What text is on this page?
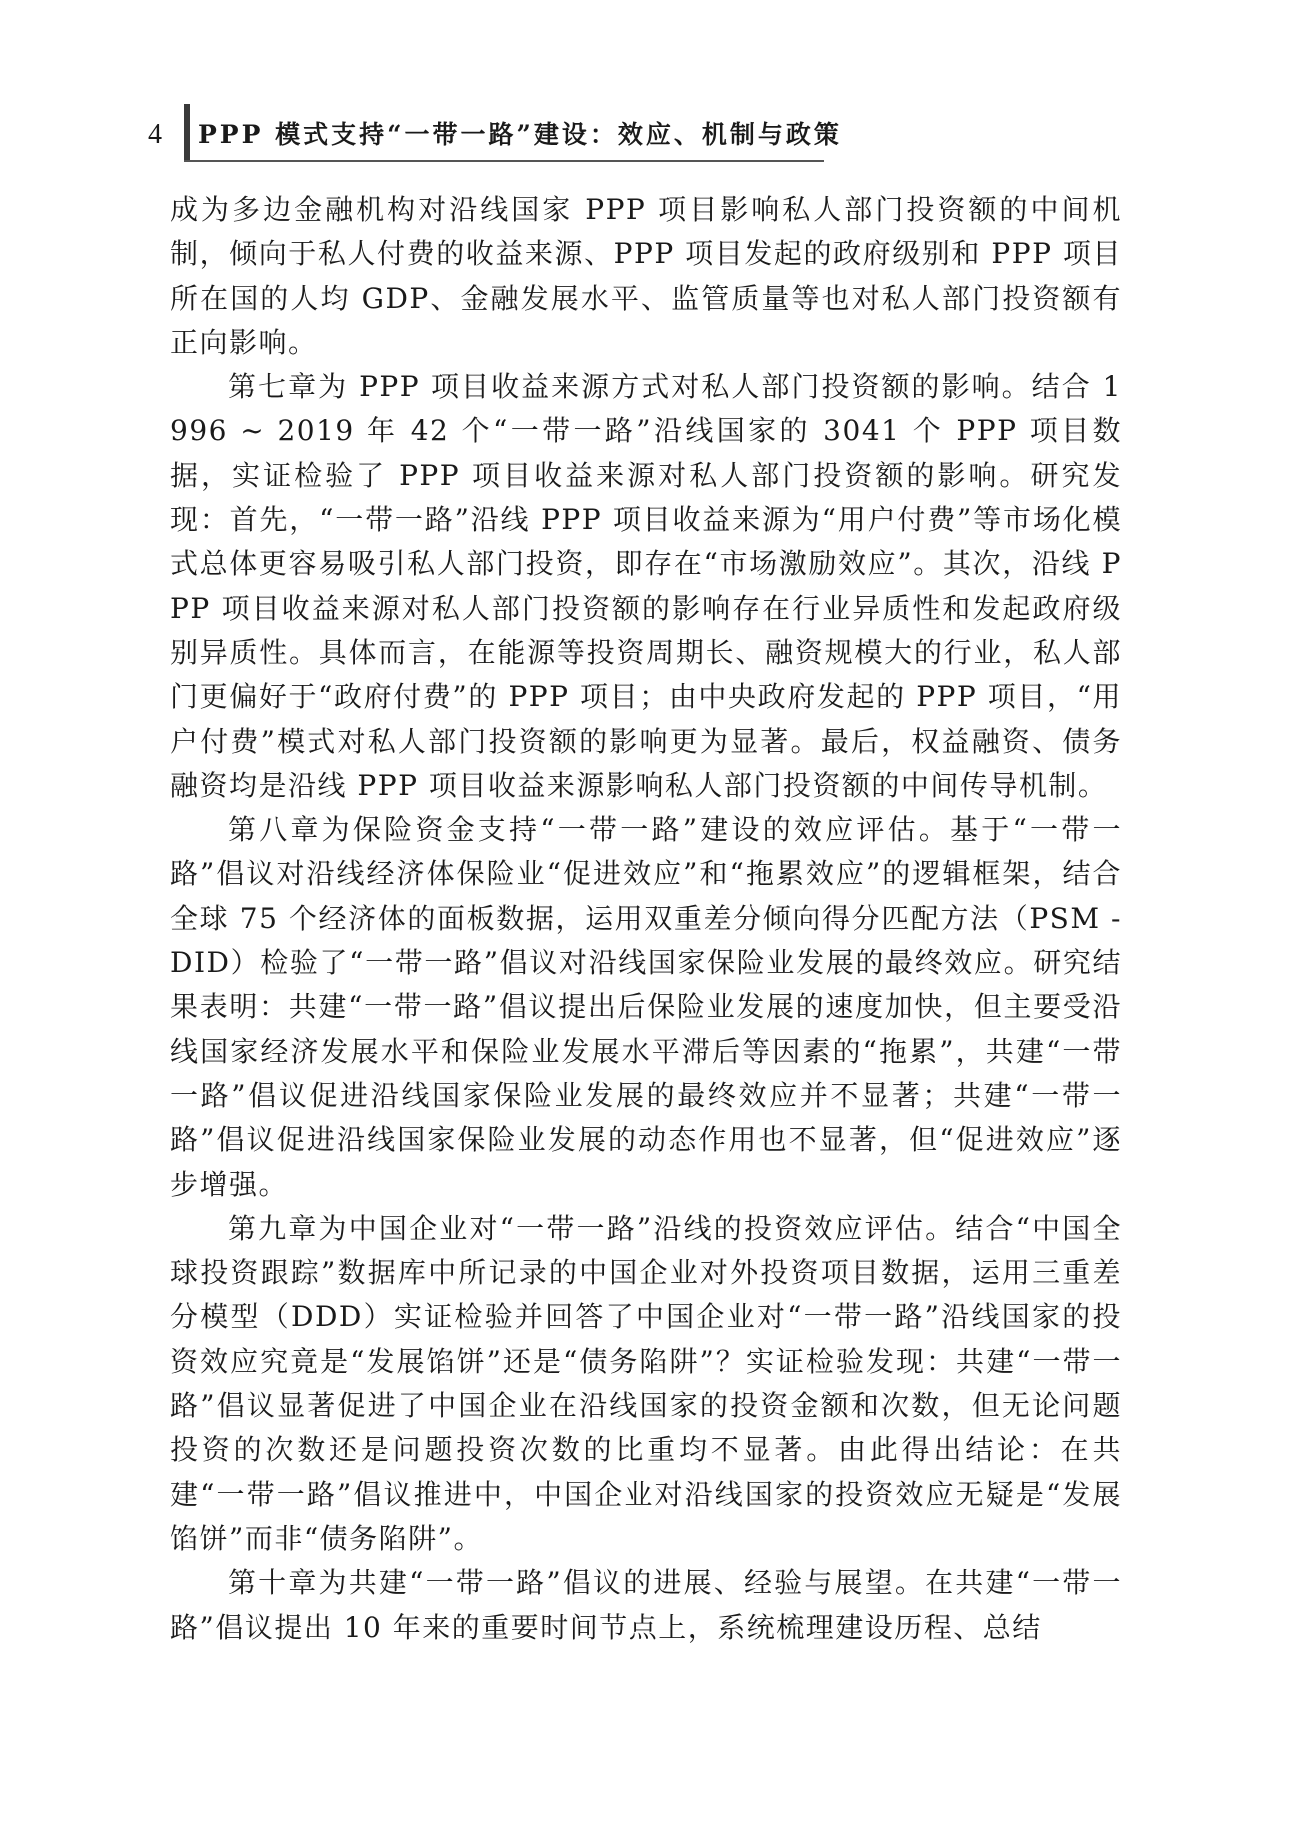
4 PPP 模式支持“一带一路”建设：效应、机制与政策

成为多边金融机构对沿线国家 PPP 项目影响私人部门投资额的中间机制，倾向于私人付费的收益来源、PPP 项目发起的政府级别和 PPP 项目所在国的人均 GDP、金融发展水平、监管质量等也对私人部门投资额有正向影响。

第七章为 PPP 项目收益来源方式对私人部门投资额的影响。结合 1996 ~ 2019 年 42 个“一带一路”沿线国家的 3041 个 PPP 项目数据，实证检验了 PPP 项目收益来源对私人部门投资额的影响。研究发现：首先，“一带一路”沿线 PPP 项目收益来源为“用户付费”等市场化模式总体更容易吸引私人部门投资，即存在“市场激励效应”。其次，沿线 PPP 项目收益来源对私人部门投资额的影响存在行业异质性和发起政府级别异质性。具体而言，在能源等投资周期长、融资规模大的行业，私人部门更偏好于“政府付费”的 PPP 项目；由中央政府发起的 PPP 项目，“用户付费”模式对私人部门投资额的影响更为显著。最后，权益融资、债务融资均是沿线 PPP 项目收益来源影响私人部门投资额的中间传导机制。

第八章为保险资金支持“一带一路”建设的效应评估。基于“一带一路”倡议对沿线经济体保险业“促进效应”和“拖累效应”的逻辑框架，结合全球 75 个经济体的面板数据，运用双重差分倾向得分匹配方法（PSM - DID）检验了“一带一路”倡议对沿线国家保险业发展的最终效应。研究结果表明：共建“一带一路”倡议提出后保险业发展的速度加快，但主要受沿线国家经济发展水平和保险业发展水平滞后等因素的“拖累”，共建“一带一路”倡议促进沿线国家保险业发展的最终效应并不显著；共建“一带一路”倡议促进沿线国家保险业发展的动态作用也不显著，但“促进效应”逐步增强。

第九章为中国企业对“一带一路”沿线的投资效应评估。结合“中国全球投资跟踪”数据库中所记录的中国企业对外投资项目数据，运用三重差分模型（DDD）实证检验并回答了中国企业对“一带一路”沿线国家的投资效应究竟是“发展馅饼”还是“债务陷阱”？实证检验发现：共建“一带一路”倡议显著促进了中国企业在沿线国家的投资金额和次数，但无论问题投资的次数还是问题投资次数的比重均不显著。由此得出结论：在共建“一带一路”倡议推进中，中国企业对沿线国家的投资效应无疑是“发展馅饼”而非“债务陷阱”。

第十章为共建“一带一路”倡议的进展、经验与展望。在共建“一带一路”倡议提出 10 年来的重要时间节点上，系统梳理建设历程、总结
